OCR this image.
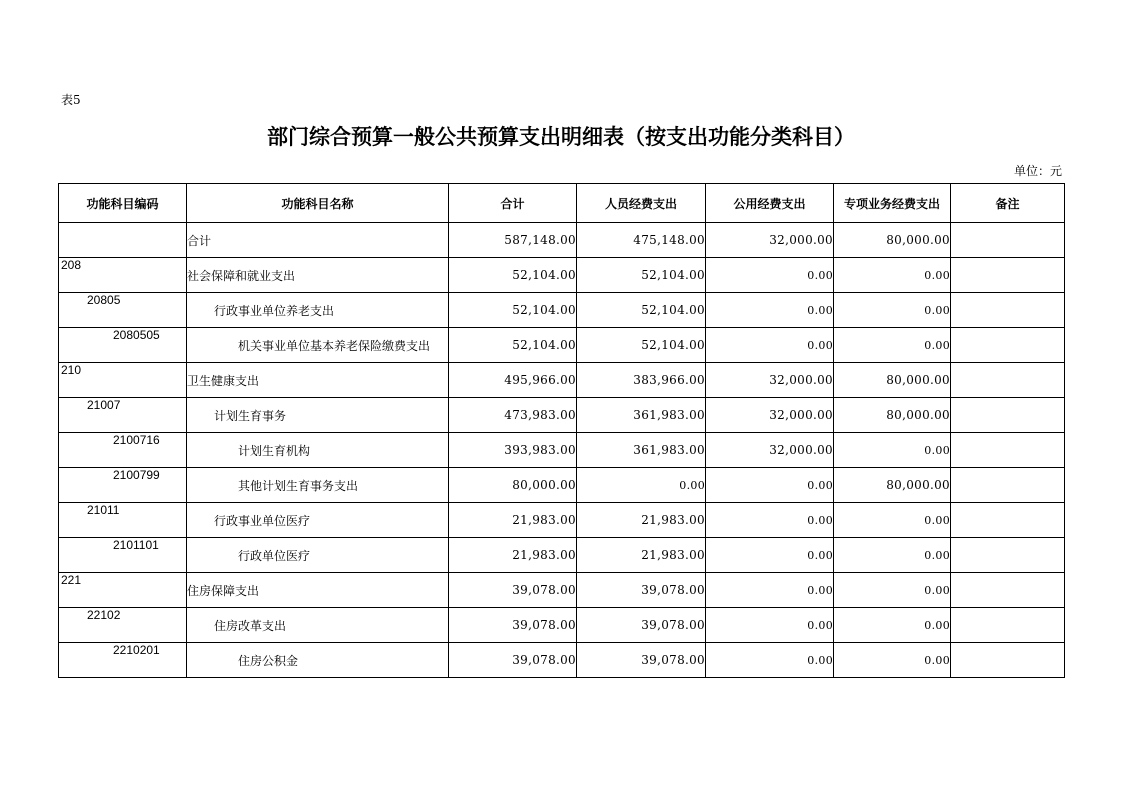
表5
部门综合预算一般公共预算支出明细表（按支出功能分类科目）
单位：元
功能科目编码	功能科目名称	合计	人员经费支出	公用经费支出	专项业务经费支出	备注
	合计	587,148.00	475,148.00	32,000.00	80,000.00	
208	社会保障和就业支出	52,104.00	52,104.00	0.00	0.00	
20805	行政事业单位养老支出	52,104.00	52,104.00	0.00	0.00	
2080505	机关事业单位基本养老保险缴费支出	52,104.00	52,104.00	0.00	0.00	
210	卫生健康支出	495,966.00	383,966.00	32,000.00	80,000.00	
21007	计划生育事务	473,983.00	361,983.00	32,000.00	80,000.00	
2100716	计划生育机构	393,983.00	361,983.00	32,000.00	0.00	
2100799	其他计划生育事务支出	80,000.00	0.00	0.00	80,000.00	
21011	行政事业单位医疗	21,983.00	21,983.00	0.00	0.00	
2101101	行政单位医疗	21,983.00	21,983.00	0.00	0.00	
221	住房保障支出	39,078.00	39,078.00	0.00	0.00	
22102	住房改革支出	39,078.00	39,078.00	0.00	0.00	
2210201	住房公积金	39,078.00	39,078.00	0.00	0.00	
